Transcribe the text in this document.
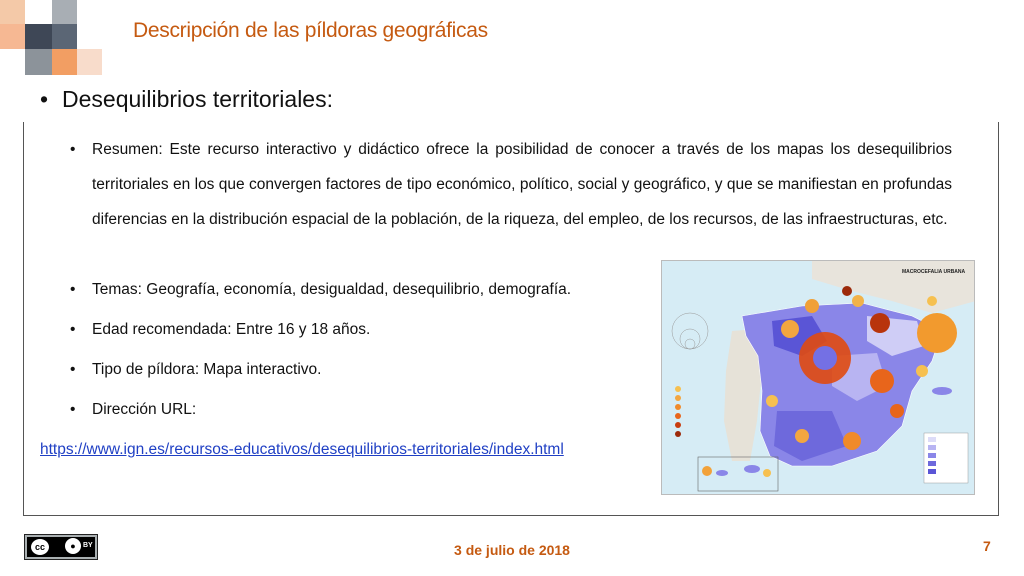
Descripción de las píldoras geográficas
• Desequilibrios territoriales:
• Resumen: Este recurso interactivo y didáctico ofrece la posibilidad de conocer a través de los mapas los desequilibrios territoriales en los que convergen factores de tipo económico, político, social y geográfico, y que se manifiestan en profundas diferencias en la distribución espacial de la población, de la riqueza, del empleo, de los recursos, de las infraestructuras, etc.
• Temas: Geografía, economía, desigualdad, desequilibrio, demografía.
• Edad recomendada: Entre 16 y 18 años.
• Tipo de píldora: Mapa interactivo.
• Dirección URL:
https://www.ign.es/recursos-educativos/desequilibrios-territoriales/index.html
MACROCEFALIA URBANA
cc	●	BY	3 de julio de 2018	7
